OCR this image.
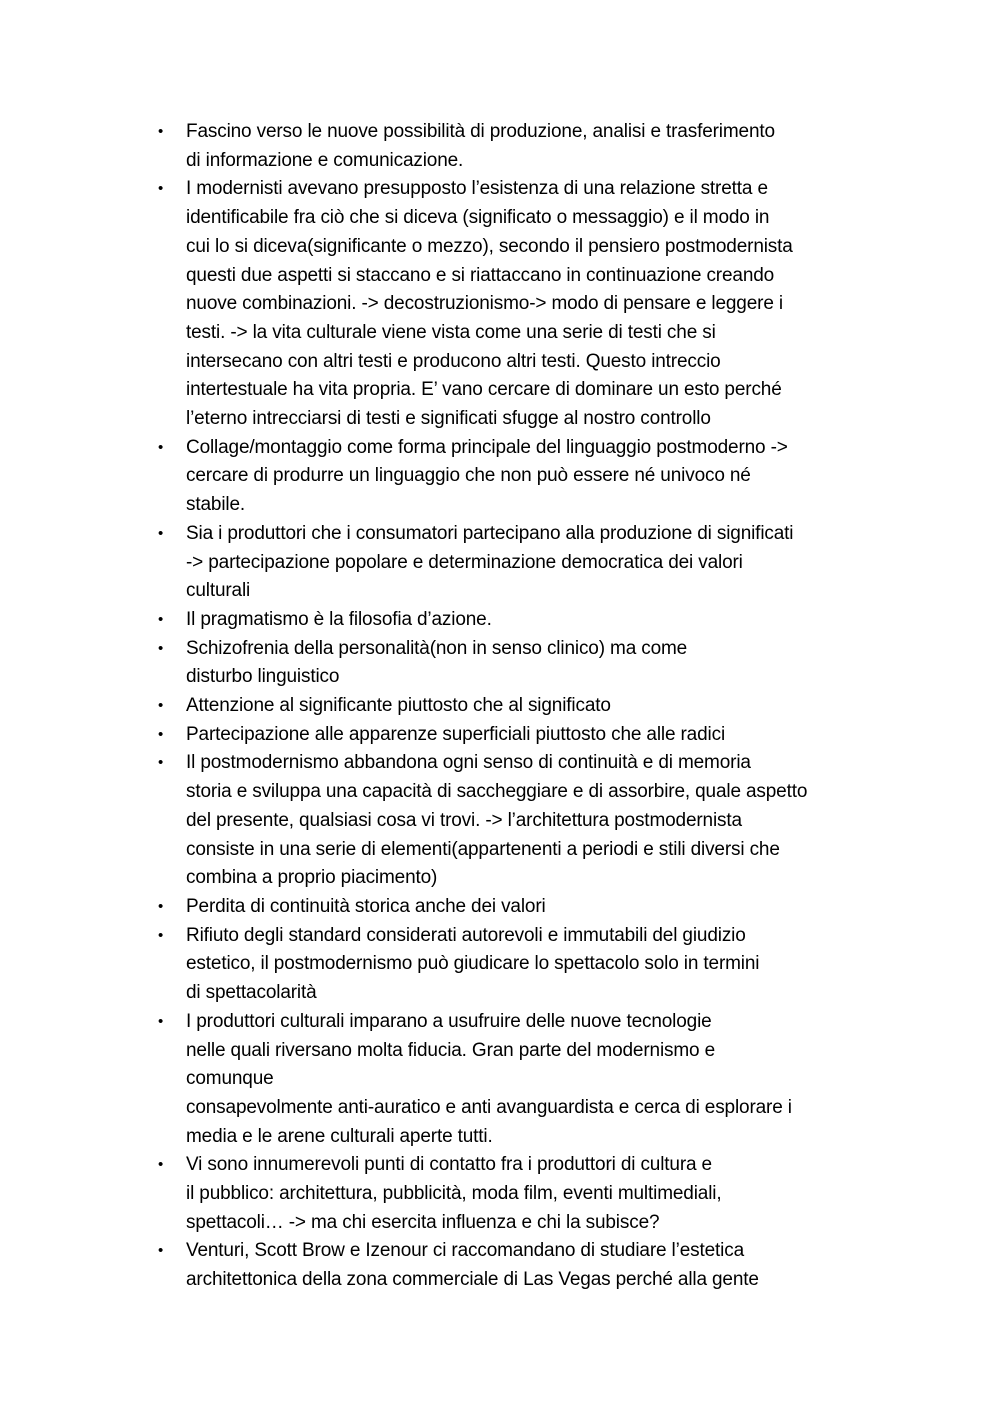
• Fascino verso le nuove possibilità di produzione, analisi e trasferimento
di informazione e comunicazione.
• I modernisti avevano presupposto l’esistenza di una relazione stretta e
identificabile fra ciò che si diceva (significato o messaggio) e il modo in
cui lo si diceva(significante o mezzo), secondo il pensiero postmodernista
questi due aspetti si staccano e si riattaccano in continuazione creando
nuove combinazioni. -> decostruzionismo-> modo di pensare e leggere i
testi. -> la vita culturale viene vista come una serie di testi che si
intersecano con altri testi e producono altri testi. Questo intreccio
intertestuale ha vita propria. E’ vano cercare di dominare un esto perché
l’eterno intrecciarsi di testi e significati sfugge al nostro controllo
• Collage/montaggio come forma principale del linguaggio postmoderno ->
cercare di produrre un linguaggio che non può essere né univoco né
stabile.
• Sia i produttori che i consumatori partecipano alla produzione di significati
-> partecipazione popolare e determinazione democratica dei valori
culturali
• Il pragmatismo è la filosofia d’azione.
• Schizofrenia della personalità(non in senso clinico) ma come
disturbo linguistico
• Attenzione al significante piuttosto che al significato
• Partecipazione alle apparenze superficiali piuttosto che alle radici
• Il postmodernismo abbandona ogni senso di continuità e di memoria
storia e sviluppa una capacità di saccheggiare e di assorbire, quale aspetto
del presente, qualsiasi cosa vi trovi. -> l’architettura postmodernista
consiste in una serie di elementi(appartenenti a periodi e stili diversi che
combina a proprio piacimento)
• Perdita di continuità storica anche dei valori
• Rifiuto degli standard considerati autorevoli e immutabili del giudizio
estetico, il postmodernismo può giudicare lo spettacolo solo in termini
di spettacolarità
• I produttori culturali imparano a usufruire delle nuove tecnologie
nelle quali riversano molta fiducia. Gran parte del modernismo e
comunque
consapevolmente anti-auratico e anti avanguardista e cerca di esplorare i
media e le arene culturali aperte tutti.
• Vi sono innumerevoli punti di contatto fra i produttori di cultura e
il pubblico: architettura, pubblicità, moda film, eventi multimediali,
spettacoli… -> ma chi esercita influenza e chi la subisce?
• Venturi, Scott Brow e Izenour ci raccomandano di studiare l’estetica
architettonica della zona commerciale di Las Vegas perché alla gente
